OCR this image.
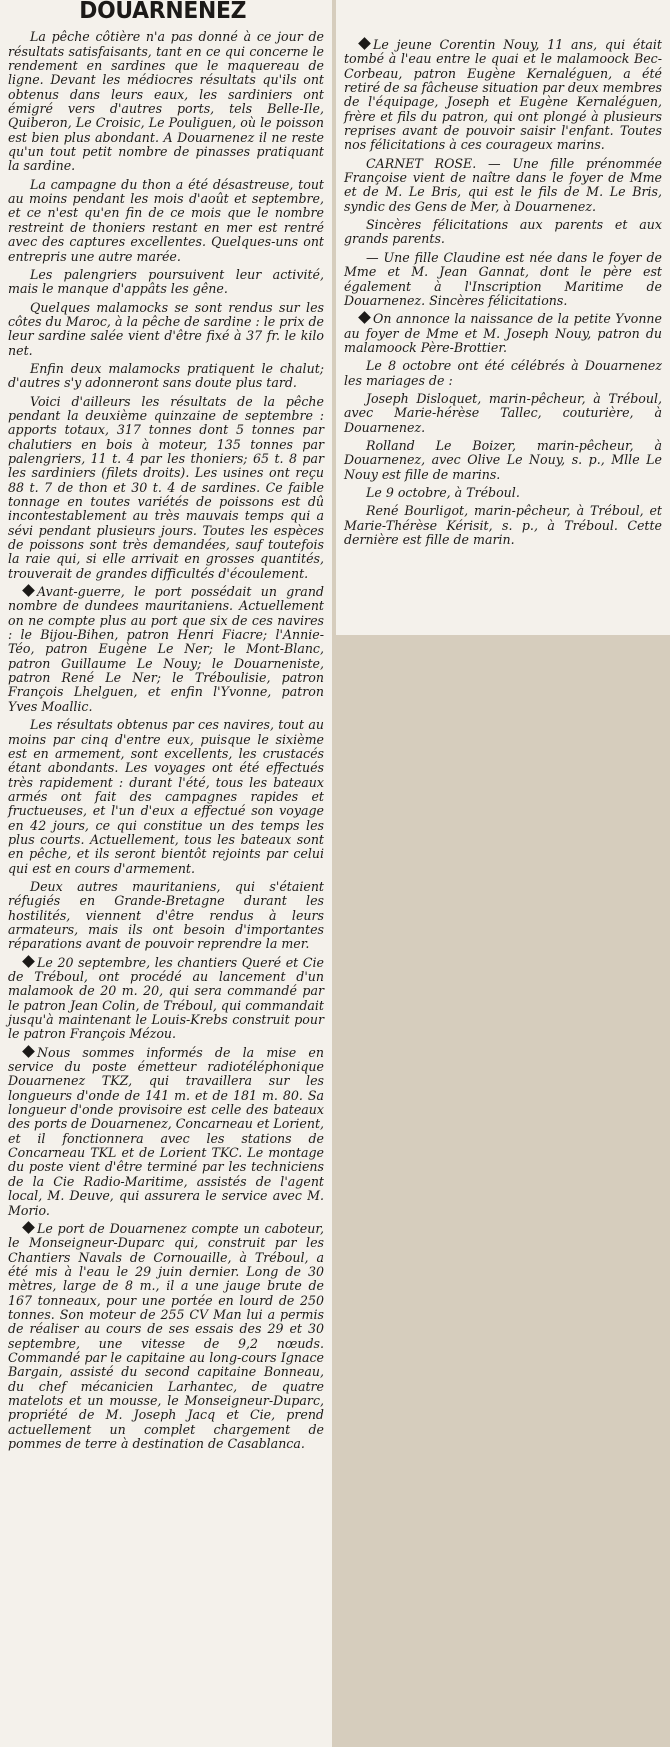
DOUARNENEZ

La pêche côtière n'a pas donné à ce jour de résultats satisfaisants, tant en ce qui concerne le rendement en sardines que le maquereau de ligne. Devant les médiocres résultats qu'ils ont obtenus dans leurs eaux, les sardiniers ont émigré vers d'autres ports, tels Belle-Ile, Quiberon, Le Croisic, Le Pouliguen, où le poisson est bien plus abondant. A Douarnenez il ne reste qu'un tout petit nombre de pinasses pratiquant la sardine.

La campagne du thon a été désastreuse, tout au moins pendant les mois d'août et septembre, et ce n'est qu'en fin de ce mois que le nombre restreint de thoniers restant en mer est rentré avec des captures excellentes. Quelques-uns ont entrepris une autre marée.

Les palengriers poursuivent leur activité, mais le manque d'appâts les gêne.

Quelques malamocks se sont rendus sur les côtes du Maroc, à la pêche de sardine : le prix de leur sardine salée vient d'être fixé à 37 fr. le kilo net.

Enfin deux malamocks pratiquent le chalut; d'autres s'y adonneront sans doute plus tard.

Voici d'ailleurs les résultats de la pêche pendant la deuxième quinzaine de septembre : apports totaux, 317 tonnes dont 5 tonnes par chalutiers en bois à moteur, 135 tonnes par palengriers, 11 t. 4 par les thoniers; 65 t. 8 par les sardiniers (filets droits). Les usines ont reçu 88 t. 7 de thon et 30 t. 4 de sardines. Ce faible tonnage en toutes variétés de poissons est dû incontestablement au très mauvais temps qui a sévi pendant plusieurs jours. Toutes les espèces de poissons sont très demandées, sauf toutefois la raie qui, si elle arrivait en grosses quantités, trouverait de grandes difficultés d'écoulement.

Avant-guerre, le port possédait un grand nombre de dundees mauritaniens. Actuellement on ne compte plus au port que six de ces navires : le Bijou-Bihen, patron Henri Fiacre; l'Annie-Téo, patron Eugène Le Ner; le Mont-Blanc, patron Guillaume Le Nouy; le Douarneniste, patron René Le Ner; le Tréboulisie, patron François Lhelguen, et enfin l'Yvonne, patron Yves Moallic.

Les résultats obtenus par ces navires, tout au moins par cinq d'entre eux, puisque le sixième est en armement, sont excellents, les crustacés étant abondants. Les voyages ont été effectués très rapidement : durant l'été, tous les bateaux armés ont fait des campagnes rapides et fructueuses, et l'un d'eux a effectué son voyage en 42 jours, ce qui constitue un des temps les plus courts. Actuellement, tous les bateaux sont en pêche, et ils seront bientôt rejoints par celui qui est en cours d'armement.

Deux autres mauritaniens, qui s'étaient réfugiés en Grande-Bretagne durant les hostilités, viennent d'être rendus à leurs armateurs, mais ils ont besoin d'importantes réparations avant de pouvoir reprendre la mer.

Le 20 septembre, les chantiers Queré et Cie de Tréboul, ont procédé au lancement d'un malamook de 20 m. 20, qui sera commandé par le patron Jean Colin, de Tréboul, qui commandait jusqu'à maintenant le Louis-Krebs construit pour le patron François Mézou.

Nous sommes informés de la mise en service du poste émetteur radiotéléphonique Douarnenez TKZ, qui travaillera sur les longueurs d'onde de 141 m. et de 181 m. 80. Sa longueur d'onde provisoire est celle des bateaux des ports de Douarnenez, Concarneau et Lorient, et il fonctionnera avec les stations de Concarneau TKL et de Lorient TKC. Le montage du poste vient d'être terminé par les techniciens de la Cie Radio-Maritime, assistés de l'agent local, M. Deuve, qui assurera le service avec M. Morio.

Le port de Douarnenez compte un caboteur, le Monseigneur-Duparc qui, construit par les Chantiers Navals de Cornouaille, à Tréboul, a été mis à l'eau le 29 juin dernier. Long de 30 mètres, large de 8 m., il a une jauge brute de 167 tonneaux, pour une portée en lourd de 250 tonnes. Son moteur de 255 CV Man lui a permis de réaliser au cours de ses essais des 29 et 30 septembre, une vitesse de 9,2 nœuds. Commandé par le capitaine au long-cours Ignace Bargain, assisté du second capitaine Bonneau, du chef mécanicien Larhantec, de quatre matelots et un mousse, le Monseigneur-Duparc, propriété de M. Joseph Jacq et Cie, prend actuellement un complet chargement de pommes de terre à destination de Casablanca.

Le jeune Corentin Nouy, 11 ans, qui était tombé à l'eau entre le quai et le malamoock Bec-Corbeau, patron Eugène Kernaléguen, a été retiré de sa fâcheuse situation par deux membres de l'équipage, Joseph et Eugène Kernaléguen, frère et fils du patron, qui ont plongé à plusieurs reprises avant de pouvoir saisir l'enfant. Toutes nos félicitations à ces courageux marins.

CARNET ROSE. — Une fille prénommée Françoise vient de naître dans le foyer de Mme et de M. Le Bris, qui est le fils de M. Le Bris, syndic des Gens de Mer, à Douarnenez.

Sincères félicitations aux parents et aux grands parents.

— Une fille Claudine est née dans le foyer de Mme et M. Jean Gannat, dont le père est également à l'Inscription Maritime de Douarnenez. Sincères félicitations.

On annonce la naissance de la petite Yvonne au foyer de Mme et M. Joseph Nouy, patron du malamoock Père-Brottier.

Le 8 octobre ont été célébrés à Douarnenez les mariages de :

Joseph Disloquet, marin-pêcheur, à Tréboul, avec Marie-hérèse Tallec, couturière, à Douarnenez.

Rolland Le Boizer, marin-pêcheur, à Douarnenez, avec Olive Le Nouy, s. p., Mlle Le Nouy est fille de marins.

Le 9 octobre, à Tréboul.

René Bourligot, marin-pêcheur, à Tréboul, et Marie-Thérèse Kérisit, s. p., à Tréboul. Cette dernière est fille de marin.
